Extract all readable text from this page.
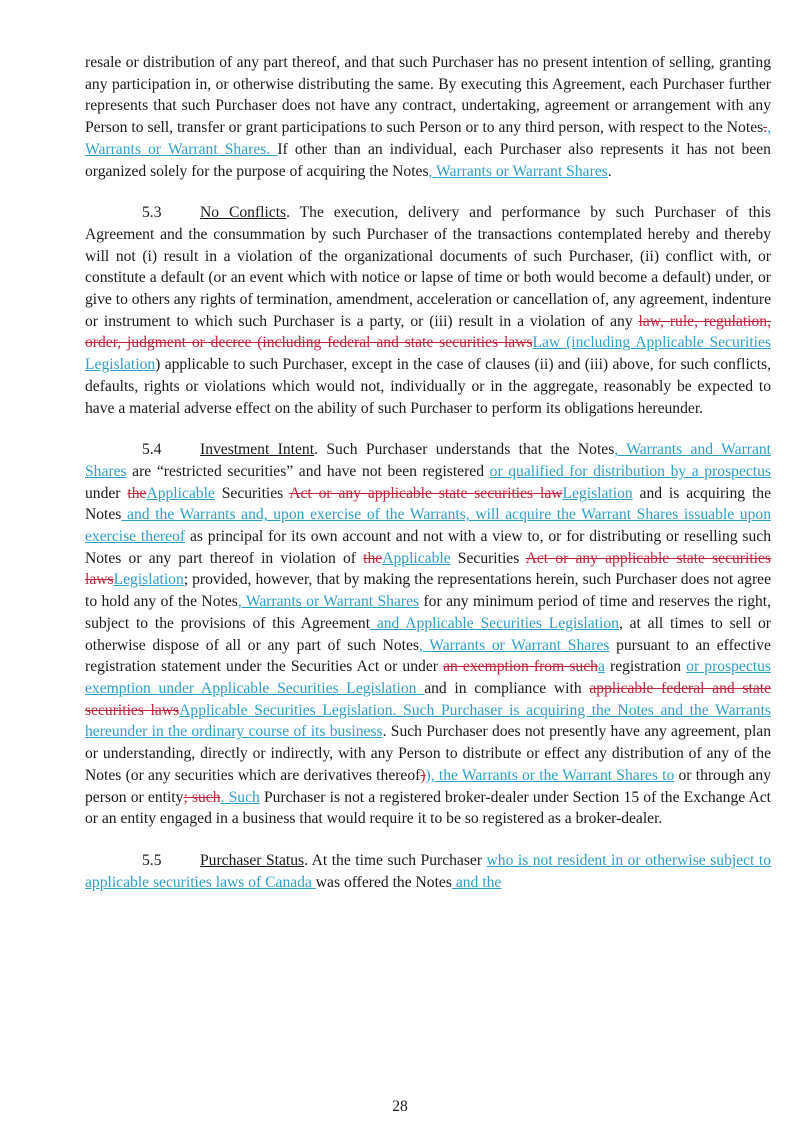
resale or distribution of any part thereof, and that such Purchaser has no present intention of selling, granting any participation in, or otherwise distributing the same. By executing this Agreement, each Purchaser further represents that such Purchaser does not have any contract, undertaking, agreement or arrangement with any Person to sell, transfer or grant participations to such Person or to any third person, with respect to the Notes., Warrants or Warrant Shares. If other than an individual, each Purchaser also represents it has not been organized solely for the purpose of acquiring the Notes, Warrants or Warrant Shares.

5.3 No Conflicts. The execution, delivery and performance by such Purchaser of this Agreement and the consummation by such Purchaser of the transactions contemplated hereby and thereby will not (i) result in a violation of the organizational documents of such Purchaser, (ii) conflict with, or constitute a default (or an event which with notice or lapse of time or both would become a default) under, or give to others any rights of termination, amendment, acceleration or cancellation of, any agreement, indenture or instrument to which such Purchaser is a party, or (iii) result in a violation of any law, rule, regulation, order, judgment or decree (including federal and state securities lawsLaw (including Applicable Securities Legislation) applicable to such Purchaser, except in the case of clauses (ii) and (iii) above, for such conflicts, defaults, rights or violations which would not, individually or in the aggregate, reasonably be expected to have a material adverse effect on the ability of such Purchaser to perform its obligations hereunder.

5.4 Investment Intent. Such Purchaser understands that the Notes, Warrants and Warrant Shares are “restricted securities” and have not been registered or qualified for distribution by a prospectus under theApplicable Securities Act or any applicable state securities lawLegislation and is acquiring the Notes and the Warrants and, upon exercise of the Warrants, will acquire the Warrant Shares issuable upon exercise thereof as principal for its own account and not with a view to, or for distributing or reselling such Notes or any part thereof in violation of theApplicable Securities Act or any applicable state securities lawsLegislation; provided, however, that by making the representations herein, such Purchaser does not agree to hold any of the Notes, Warrants or Warrant Shares for any minimum period of time and reserves the right, subject to the provisions of this Agreement and Applicable Securities Legislation, at all times to sell or otherwise dispose of all or any part of such Notes, Warrants or Warrant Shares pursuant to an effective registration statement under the Securities Act or under an exemption from sucha registration or prospectus exemption under Applicable Securities Legislation and in compliance with applicable federal and state securities lawsApplicable Securities Legislation. Such Purchaser is acquiring the Notes and the Warrants hereunder in the ordinary course of its business. Such Purchaser does not presently have any agreement, plan or understanding, directly or indirectly, with any Person to distribute or effect any distribution of any of the Notes (or any securities which are derivatives thereof)), the Warrants or the Warrant Shares to or through any person or entity; such. Such Purchaser is not a registered broker-dealer under Section 15 of the Exchange Act or an entity engaged in a business that would require it to be so registered as a broker-dealer.

5.5 Purchaser Status. At the time such Purchaser who is not resident in or otherwise subject to applicable securities laws of Canada was offered the Notes and the

28
